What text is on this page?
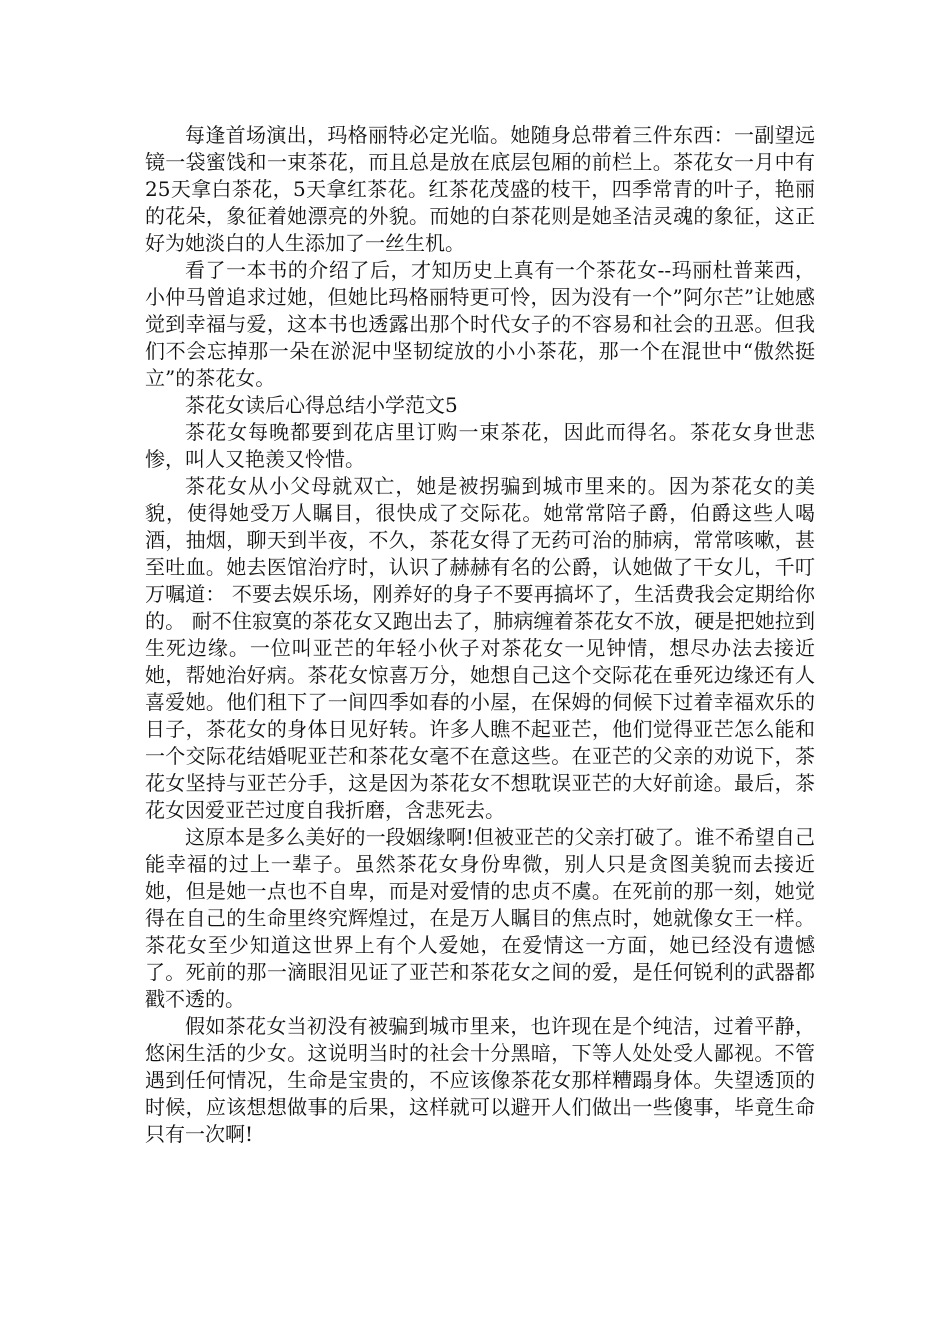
每逢首场演出，玛格丽特必定光临。她随身总带着三件东西：一副望远镜一袋蜜饯和一束茶花，而且总是放在底层包厢的前栏上。茶花女一月中有25天拿白茶花，5天拿红茶花。红茶花茂盛的枝干，四季常青的叶子，艳丽的花朵，象征着她漂亮的外貌。而她的白茶花则是她圣洁灵魂的象征，这正好为她淡白的人生添加了一丝生机。

看了一本书的介绍了后，才知历史上真有一个茶花女--玛丽杜普莱西，小仲马曾追求过她，但她比玛格丽特更可怜，因为没有一个”阿尔芒”让她感觉到幸福与爱，这本书也透露出那个时代女子的不容易和社会的丑恶。但我们不会忘掉那一朵在淤泥中坚韧绽放的小小茶花，那一个在混世中“傲然挺立”的茶花女。

茶花女读后心得总结小学范文5

茶花女每晚都要到花店里订购一束茶花，因此而得名。茶花女身世悲惨，叫人又艳羡又怜惜。

茶花女从小父母就双亡，她是被拐骗到城市里来的。因为茶花女的美貌，使得她受万人瞩目，很快成了交际花。她常常陪子爵，伯爵这些人喝酒，抽烟，聊天到半夜，不久，茶花女得了无药可治的肺病，常常咳嗽，甚至吐血。她去医馆治疗时，认识了赫赫有名的公爵，认她做了干女儿，千叮万嘱道： 不要去娱乐场，刚养好的身子不要再搞坏了，生活费我会定期给你的。 耐不住寂寞的茶花女又跑出去了，肺病缠着茶花女不放，硬是把她拉到生死边缘。一位叫亚芒的年轻小伙子对茶花女一见钟情，想尽办法去接近她，帮她治好病。茶花女惊喜万分，她想自己这个交际花在垂死边缘还有人喜爱她。他们租下了一间四季如春的小屋，在保姆的伺候下过着幸福欢乐的日子，茶花女的身体日见好转。许多人瞧不起亚芒，他们觉得亚芒怎么能和一个交际花结婚呢亚芒和茶花女毫不在意这些。在亚芒的父亲的劝说下，茶花女坚持与亚芒分手，这是因为茶花女不想耽误亚芒的大好前途。最后，茶花女因爱亚芒过度自我折磨，含悲死去。

这原本是多么美好的一段姻缘啊!但被亚芒的父亲打破了。谁不希望自己能幸福的过上一辈子。虽然茶花女身份卑微，别人只是贪图美貌而去接近她，但是她一点也不自卑，而是对爱情的忠贞不虞。在死前的那一刻，她觉得在自己的生命里终究辉煌过，在是万人瞩目的焦点时，她就像女王一样。茶花女至少知道这世界上有个人爱她，在爱情这一方面，她已经没有遗憾了。死前的那一滴眼泪见证了亚芒和茶花女之间的爱，是任何锐利的武器都戳不透的。

假如茶花女当初没有被骗到城市里来，也许现在是个纯洁，过着平静，悠闲生活的少女。这说明当时的社会十分黑暗，下等人处处受人鄙视。不管遇到任何情况，生命是宝贵的，不应该像茶花女那样糟蹋身体。失望透顶的时候，应该想想做事的后果，这样就可以避开人们做出一些傻事，毕竟生命只有一次啊!
